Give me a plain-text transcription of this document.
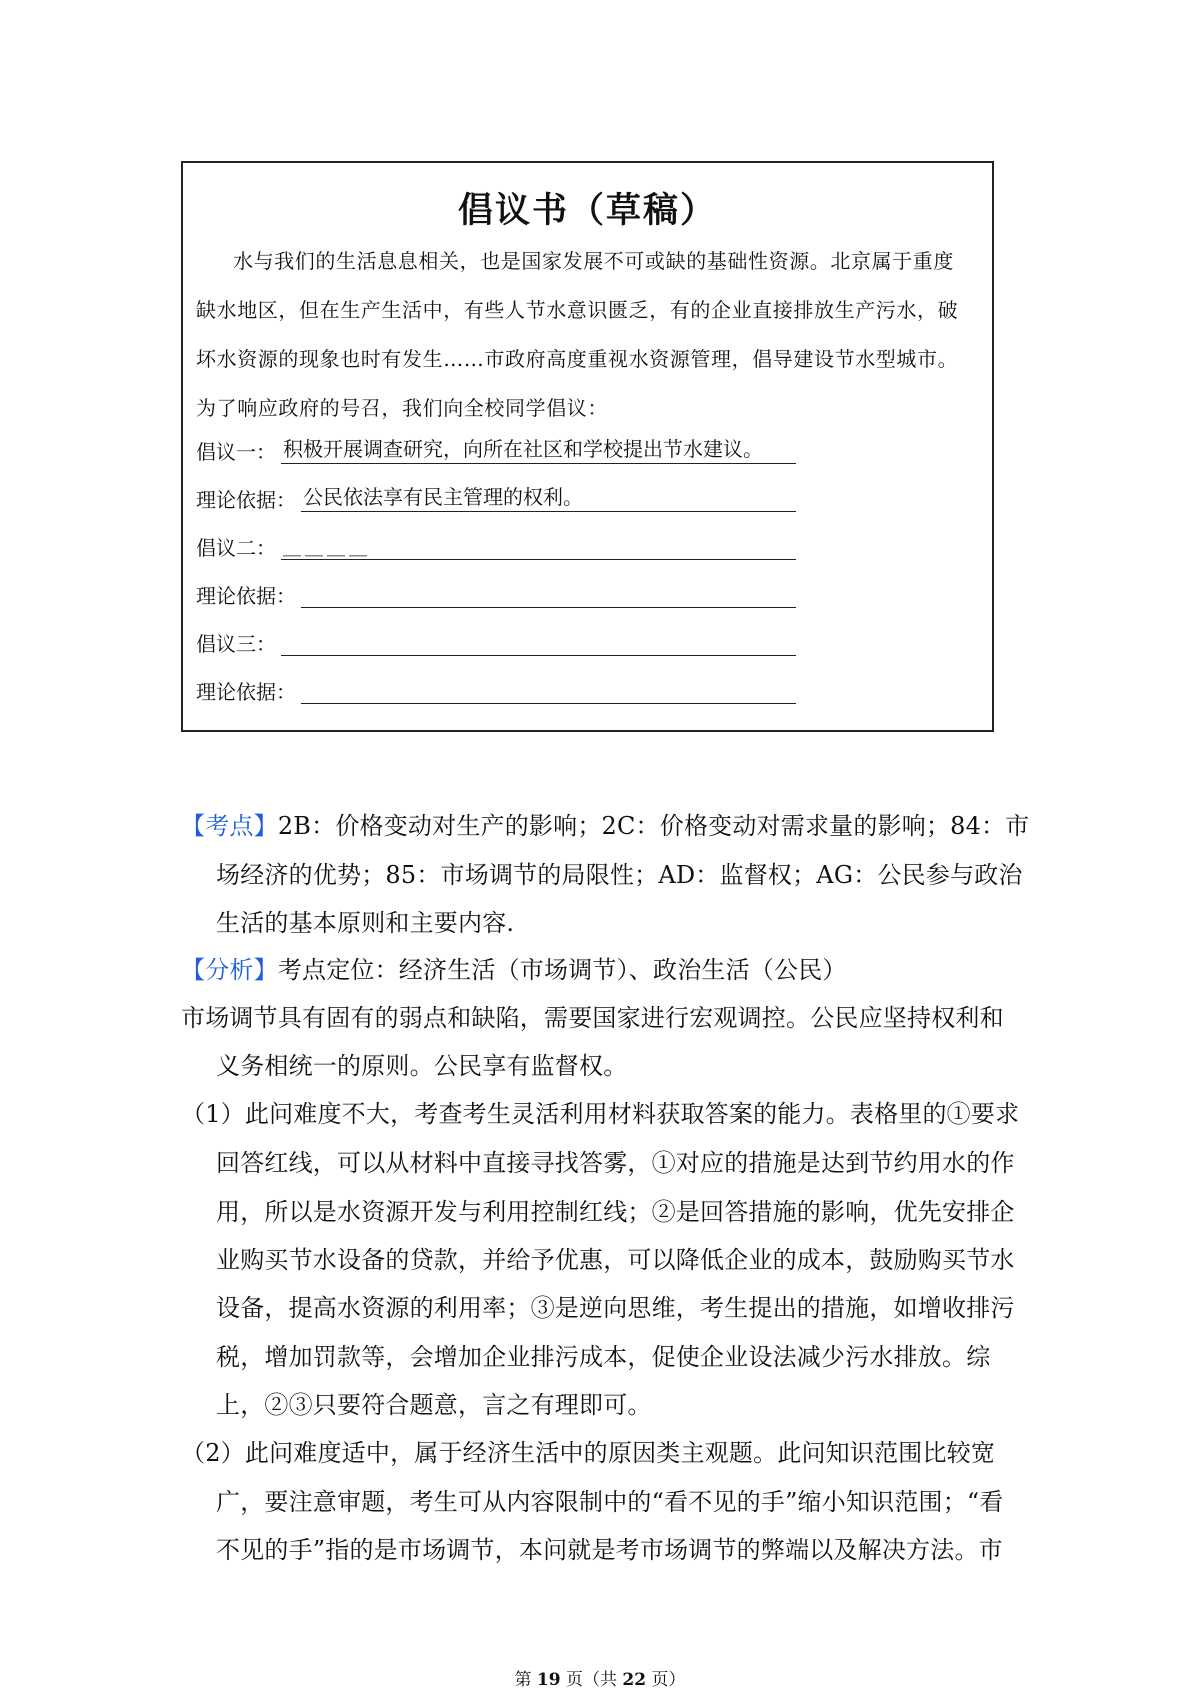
倡议书（草稿）
水与我们的生活息息相关，也是国家发展不可或缺的基础性资源。北京属于重度
缺水地区，但在生产生活中，有些人节水意识匮乏，有的企业直接排放生产污水，破
坏水资源的现象也时有发生……市政府高度重视水资源管理，倡导建设节水型城市。
为了响应政府的号召，我们向全校同学倡议：
倡议一： 积极开展调查研究，向所在社区和学校提出节水建议。
理论依据： 公民依法享有民主管理的权利。
倡议二： ＿＿＿＿
理论依据：
倡议三：
理论依据：
【考点】2B：价格变动对生产的影响；2C：价格变动对需求量的影响；84：市
场经济的优势；85：市场调节的局限性；AD：监督权；AG：公民参与政治
生活的基本原则和主要内容.
【分析】考点定位：经济生活（市场调节）、政治生活（公民）
市场调节具有固有的弱点和缺陷，需要国家进行宏观调控。公民应坚持权利和
义务相统一的原则。公民享有监督权。
（1）此问难度不大，考查考生灵活利用材料获取答案的能力。表格里的①要求
回答红线，可以从材料中直接寻找答雾，①对应的措施是达到节约用水的作
用，所以是水资源开发与利用控制红线；②是回答措施的影响，优先安排企
业购买节水设备的贷款，并给予优惠，可以降低企业的成本，鼓励购买节水
设备，提高水资源的利用率；③是逆向思维，考生提出的措施，如增收排污
税，增加罚款等，会增加企业排污成本，促使企业设法减少污水排放。综
上，②③只要符合题意，言之有理即可。
（2）此问难度适中，属于经济生活中的原因类主观题。此问知识范围比较宽
广，要注意审题，考生可从内容限制中的“看不见的手”缩小知识范围；“看
不见的手”指的是市场调节，本问就是考市场调节的弊端以及解决方法。市
第 19 页（共 22 页）
